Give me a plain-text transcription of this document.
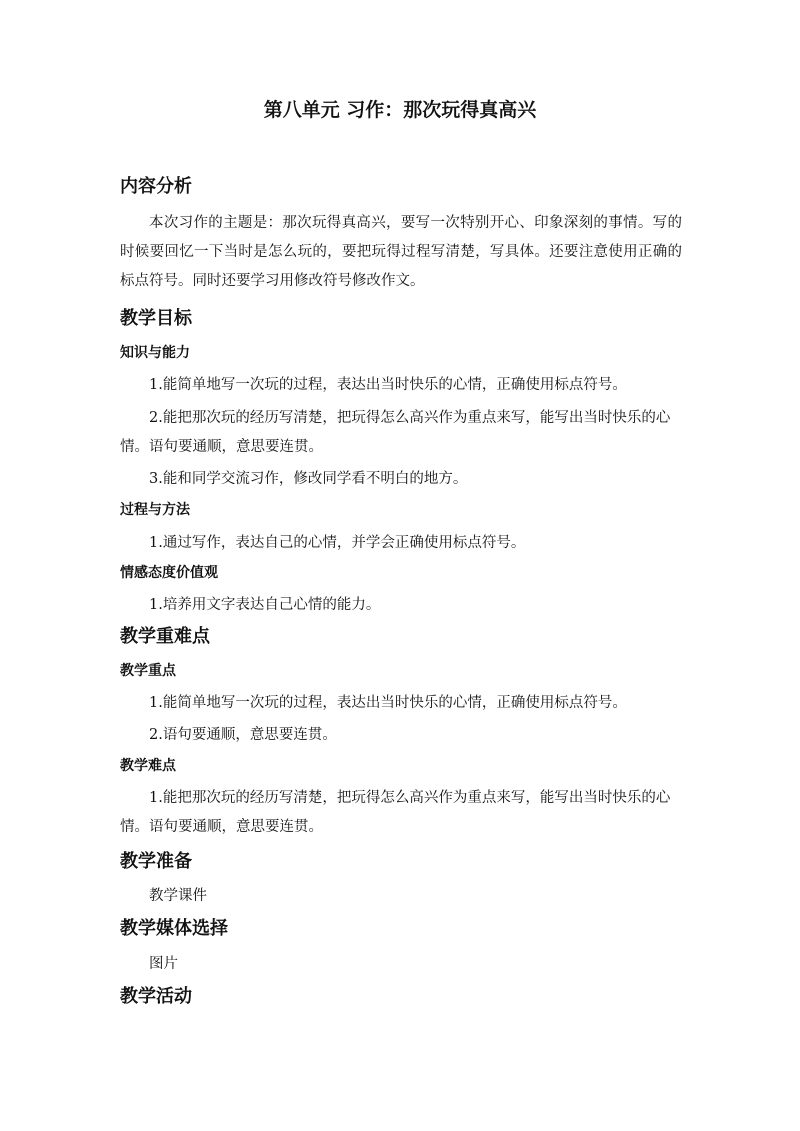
第八单元 习作：那次玩得真高兴
内容分析

本次习作的主题是：那次玩得真高兴，要写一次特别开心、印象深刻的事情。写的时候要回忆一下当时是怎么玩的，要把玩得过程写清楚，写具体。还要注意使用正确的标点符号。同时还要学习用修改符号修改作文。

教学目标
知识与能力

1.能简单地写一次玩的过程，表达出当时快乐的心情，正确使用标点符号。

2.能把那次玩的经历写清楚，把玩得怎么高兴作为重点来写，能写出当时快乐的心情。语句要通顺，意思要连贯。

3.能和同学交流习作，修改同学看不明白的地方。

过程与方法

1.通过写作，表达自己的心情，并学会正确使用标点符号。

情感态度价值观

1.培养用文字表达自己心情的能力。

教学重难点
教学重点

1.能简单地写一次玩的过程，表达出当时快乐的心情，正确使用标点符号。

2.语句要通顺，意思要连贯。

教学难点

1.能把那次玩的经历写清楚，把玩得怎么高兴作为重点来写，能写出当时快乐的心情。语句要通顺，意思要连贯。

教学准备

教学课件

教学媒体选择

图片

教学活动
